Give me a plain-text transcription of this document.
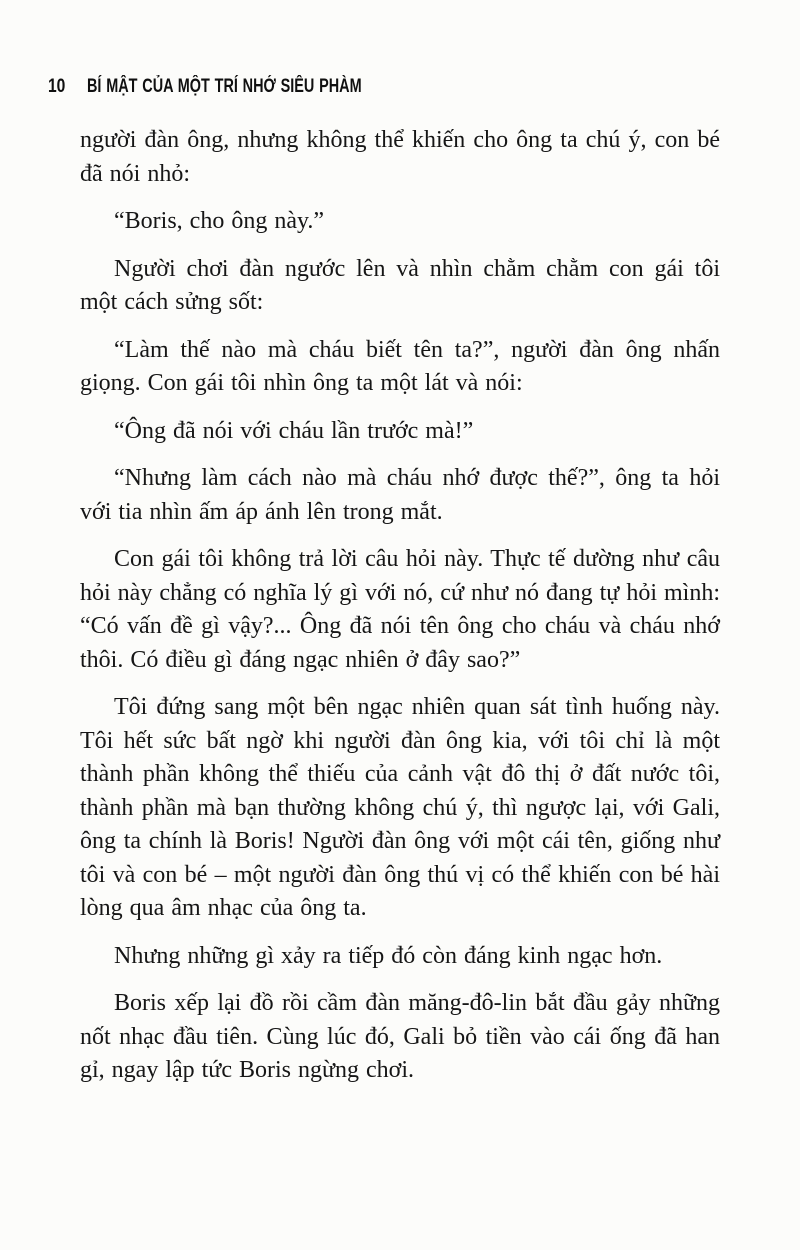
10 BÍ MẬT CỦA MỘT TRÍ NHỚ SIÊU PHÀM

người đàn ông, nhưng không thể khiến cho ông ta chú ý, con bé đã nói nhỏ:

“Boris, cho ông này.”

Người chơi đàn ngước lên và nhìn chằm chằm con gái tôi một cách sửng sốt:

“Làm thế nào mà cháu biết tên ta?”, người đàn ông nhấn giọng. Con gái tôi nhìn ông ta một lát và nói:

“Ông đã nói với cháu lần trước mà!”

“Nhưng làm cách nào mà cháu nhớ được thế?”, ông ta hỏi với tia nhìn ấm áp ánh lên trong mắt.

Con gái tôi không trả lời câu hỏi này. Thực tế dường như câu hỏi này chẳng có nghĩa lý gì với nó, cứ như nó đang tự hỏi mình: “Có vấn đề gì vậy?... Ông đã nói tên ông cho cháu và cháu nhớ thôi. Có điều gì đáng ngạc nhiên ở đây sao?”

Tôi đứng sang một bên ngạc nhiên quan sát tình huống này. Tôi hết sức bất ngờ khi người đàn ông kia, với tôi chỉ là một thành phần không thể thiếu của cảnh vật đô thị ở đất nước tôi, thành phần mà bạn thường không chú ý, thì ngược lại, với Gali, ông ta chính là Boris! Người đàn ông với một cái tên, giống như tôi và con bé – một người đàn ông thú vị có thể khiến con bé hài lòng qua âm nhạc của ông ta.

Nhưng những gì xảy ra tiếp đó còn đáng kinh ngạc hơn.

Boris xếp lại đồ rồi cầm đàn măng-đô-lin bắt đầu gảy những nốt nhạc đầu tiên. Cùng lúc đó, Gali bỏ tiền vào cái ống đã han gỉ, ngay lập tức Boris ngừng chơi.
